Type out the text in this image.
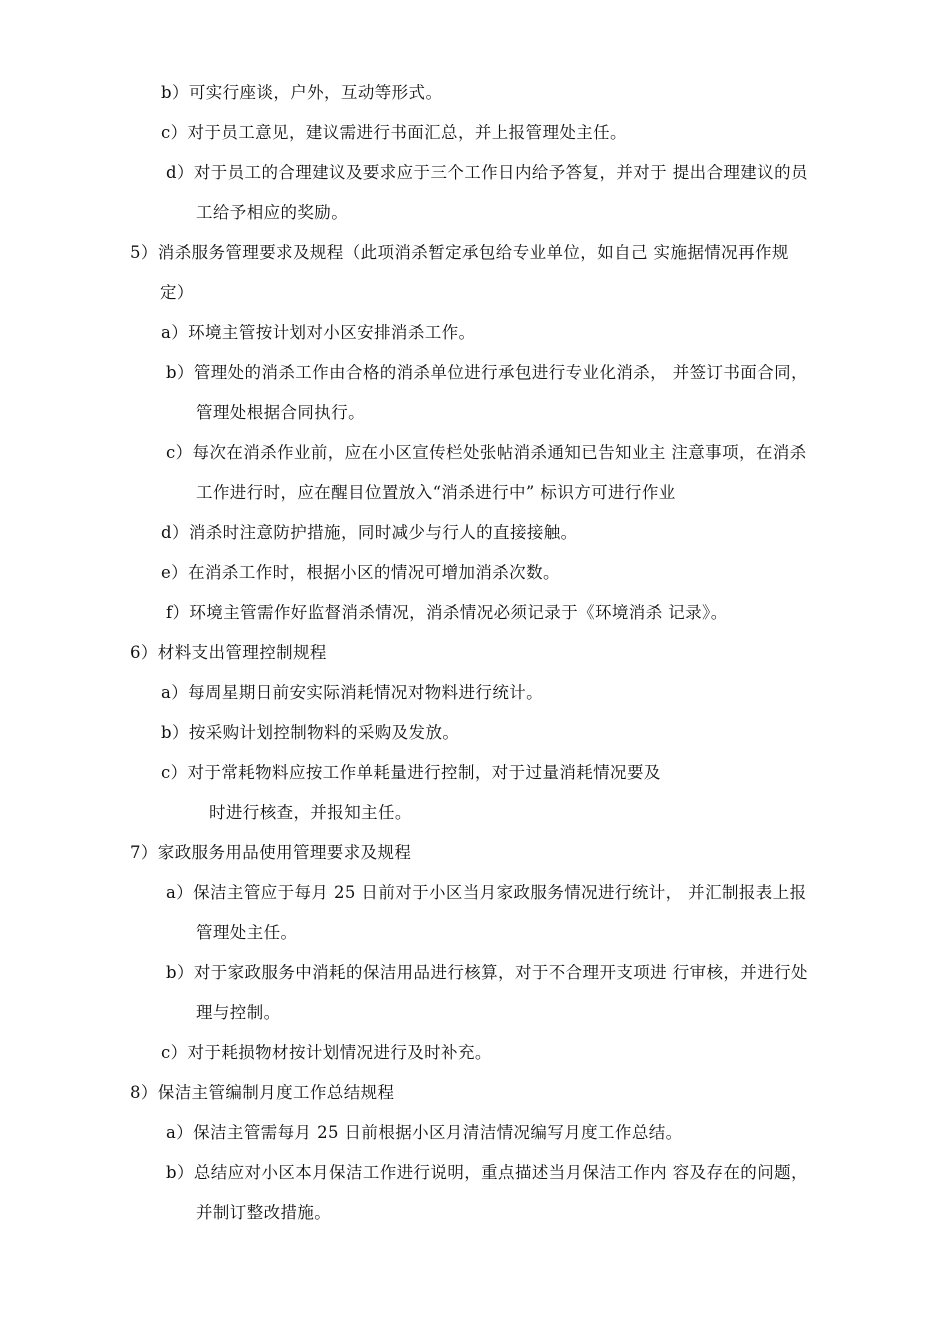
b）可实行座谈，户外，互动等形式。
c）对于员工意见，建议需进行书面汇总，并上报管理处主任。
d）对于员工的合理建议及要求应于三个工作日内给予答复，并对于 提出合理建议的员
工给予相应的奖励。
5）消杀服务管理要求及规程（此项消杀暂定承包给专业单位，如自己 实施据情况再作规
定）
a）环境主管按计划对小区安排消杀工作。
b）管理处的消杀工作由合格的消杀单位进行承包进行专业化消杀， 并签订书面合同，
管理处根据合同执行。
c）每次在消杀作业前，应在小区宣传栏处张帖消杀通知已告知业主 注意事项，在消杀
工作进行时，应在醒目位置放入“消杀进行中” 标识方可进行作业
d）消杀时注意防护措施，同时减少与行人的直接接触。
e）在消杀工作时，根据小区的情况可增加消杀次数。
f）环境主管需作好监督消杀情况，消杀情况必须记录于《环境消杀 记录》。
6）材料支出管理控制规程
a）每周星期日前安实际消耗情况对物料进行统计。
b）按采购计划控制物料的采购及发放。
c）对于常耗物料应按工作单耗量进行控制，对于过量消耗情况要及
时进行核查，并报知主任。
7）家政服务用品使用管理要求及规程
a）保洁主管应于每月 25 日前对于小区当月家政服务情况进行统计， 并汇制报表上报
管理处主任。
b）对于家政服务中消耗的保洁用品进行核算，对于不合理开支项进 行审核，并进行处
理与控制。
c）对于耗损物材按计划情况进行及时补充。
8）保洁主管编制月度工作总结规程
a）保洁主管需每月 25 日前根据小区月清洁情况编写月度工作总结。
b）总结应对小区本月保洁工作进行说明，重点描述当月保洁工作内 容及存在的问题，
并制订整改措施。
